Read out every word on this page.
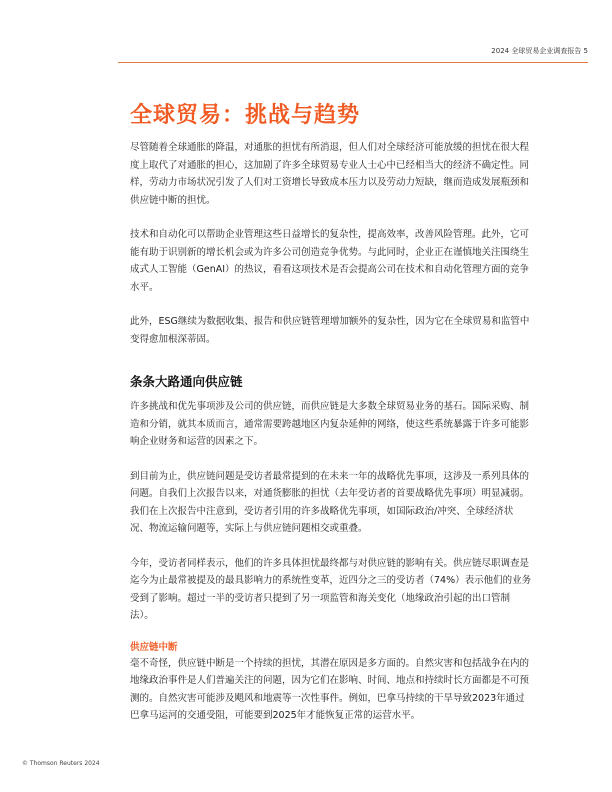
2024 全球贸易企业调查报告 5
全球贸易：挑战与趋势

尽管随着全球通胀的降温，对通胀的担忧有所消退，但人们对全球经济可能放缓的担忧在很大程度上取代了对通胀的担心，这加剧了许多全球贸易专业人士心中已经相当大的经济不确定性。同样，劳动力市场状况引发了人们对工资增长导致成本压力以及劳动力短缺，继而造成发展瓶颈和供应链中断的担忧。

技术和自动化可以帮助企业管理这些日益增长的复杂性，提高效率，改善风险管理。此外，它可能有助于识别新的增长机会或为许多公司创造竞争优势。与此同时，企业正在谨慎地关注围绕生成式人工智能（GenAI）的热议，看看这项技术是否会提高公司在技术和自动化管理方面的竞争水平。

此外，ESG继续为数据收集、报告和供应链管理增加额外的复杂性，因为它在全球贸易和监管中变得愈加根深蒂固。

条条大路通向供应链

许多挑战和优先事项涉及公司的供应链，而供应链是大多数全球贸易业务的基石。国际采购、制造和分销，就其本质而言，通常需要跨越地区内复杂延伸的网络，使这些系统暴露于许多可能影响企业财务和运营的因素之下。

到目前为止，供应链问题是受访者最常提到的在未来一年的战略优先事项，这涉及一系列具体的问题。自我们上次报告以来，对通货膨胀的担忧（去年受访者的首要战略优先事项）明显减弱。我们在上次报告中注意到，受访者引用的许多战略优先事项，如国际政治/冲突、全球经济状况、物流运输问题等，实际上与供应链问题相交或重叠。

今年，受访者同样表示，他们的许多具体担忧最终都与对供应链的影响有关。供应链尽职调查是迄今为止最常被提及的最具影响力的系统性变革，近四分之三的受访者（74%）表示他们的业务受到了影响。超过一半的受访者只提到了另一项监管和海关变化（地缘政治引起的出口管制法）。

供应链中断

毫不奇怪，供应链中断是一个持续的担忧，其潜在原因是多方面的。自然灾害和包括战争在内的地缘政治事件是人们普遍关注的问题，因为它们在影响、时间、地点和持续时长方面都是不可预测的。自然灾害可能涉及飓风和地震等一次性事件。例如，巴拿马持续的干旱导致2023年通过巴拿马运河的交通受阻，可能要到2025年才能恢复正常的运营水平。

© Thomson Reuters 2024
